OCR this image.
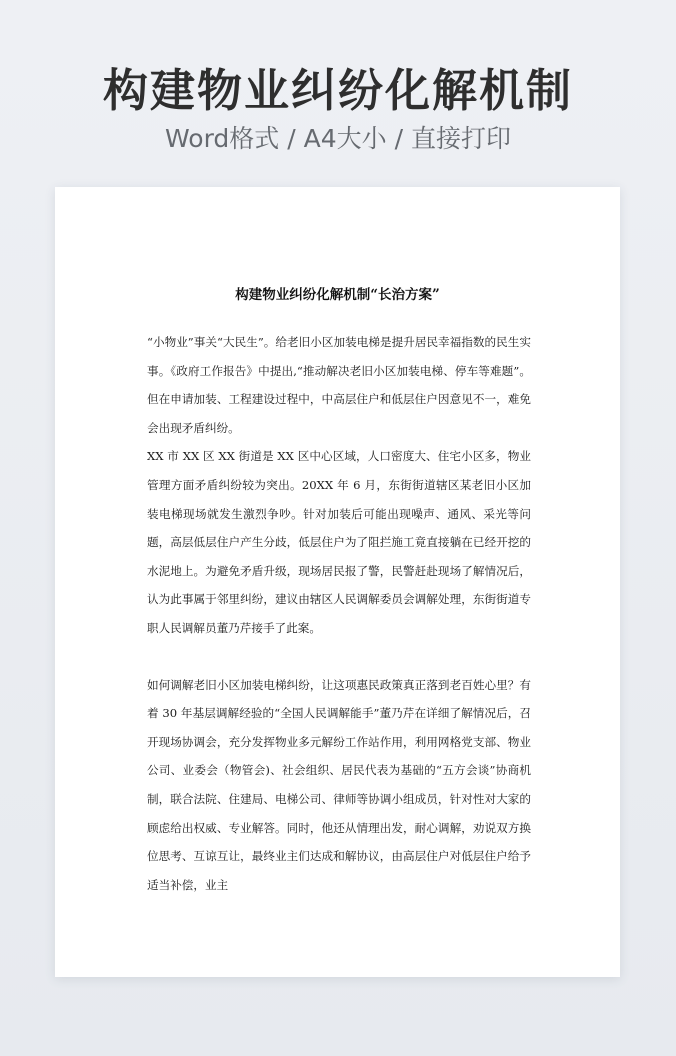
构建物业纠纷化解机制
Word格式 / A4大小 / 直接打印
构建物业纠纷化解机制“长治方案”

“小物业”事关“大民生”。给老旧小区加装电梯是提升居民幸福指数的民生实事。《政府工作报告》中提出,“推动解决老旧小区加装电梯、停车等难题”。但在申请加装、工程建设过程中，中高层住户和低层住户因意见不一，难免会出现矛盾纠纷。

XX 市 XX 区 XX 街道是 XX 区中心区域，人口密度大、住宅小区多，物业管理方面矛盾纠纷较为突出。20XX 年 6 月，东街街道辖区某老旧小区加装电梯现场就发生激烈争吵。针对加装后可能出现噪声、通风、采光等问题，高层低层住户产生分歧，低层住户为了阻拦施工竟直接躺在已经开挖的水泥地上。为避免矛盾升级，现场居民报了警，民警赶赴现场了解情况后，认为此事属于邻里纠纷，建议由辖区人民调解委员会调解处理，东街街道专职人民调解员董乃芹接手了此案。

如何调解老旧小区加装电梯纠纷，让这项惠民政策真正落到老百姓心里？有着 30 年基层调解经验的“全国人民调解能手”董乃芹在详细了解情况后，召开现场协调会，充分发挥物业多元解纷工作站作用，利用网格党支部、物业公司、业委会（物管会)、社会组织、居民代表为基础的“五方会谈”协商机制，联合法院、住建局、电梯公司、律师等协调小组成员，针对性对大家的顾虑给出权威、专业解答。同时，他还从情理出发，耐心调解，劝说双方换位思考、互谅互让，最终业主们达成和解协议，由高层住户对低层住户给予适当补偿，业主
